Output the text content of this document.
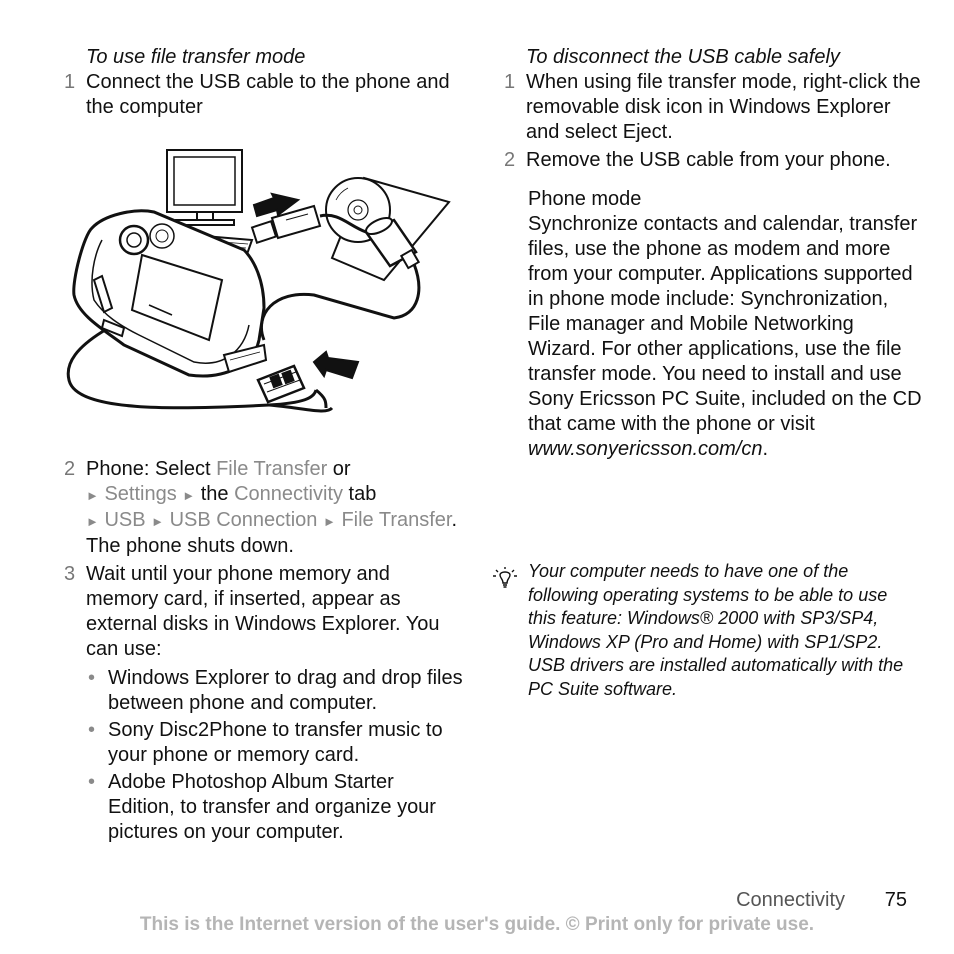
To use file transfer mode
1 Connect the USB cable to the phone and the computer
2 Phone: Select File Transfer or
► Settings ► the Connectivity tab
► USB ► USB Connection ► File Transfer. The phone shuts down.
3 Wait until your phone memory and memory card, if inserted, appear as external disks in Windows Explorer. You can use:
• Windows Explorer to drag and drop files between phone and computer.
• Sony Disc2Phone to transfer music to your phone or memory card.
• Adobe Photoshop Album Starter Edition, to transfer and organize your pictures on your computer.
To disconnect the USB cable safely
1 When using file transfer mode, right-click the removable disk icon in Windows Explorer and select Eject.
2 Remove the USB cable from your phone.
Phone mode
Synchronize contacts and calendar, transfer files, use the phone as modem and more from your computer. Applications supported in phone mode include: Synchronization, File manager and Mobile Networking Wizard. For other applications, use the file transfer mode. You need to install and use Sony Ericsson PC Suite, included on the CD that came with the phone or visit www.sonyericsson.com/cn.
Your computer needs to have one of the following operating systems to be able to use this feature: Windows® 2000 with SP3/SP4, Windows XP (Pro and Home) with SP1/SP2. USB drivers are installed automatically with the PC Suite software.
Connectivity 75
This is the Internet version of the user's guide. © Print only for private use.
